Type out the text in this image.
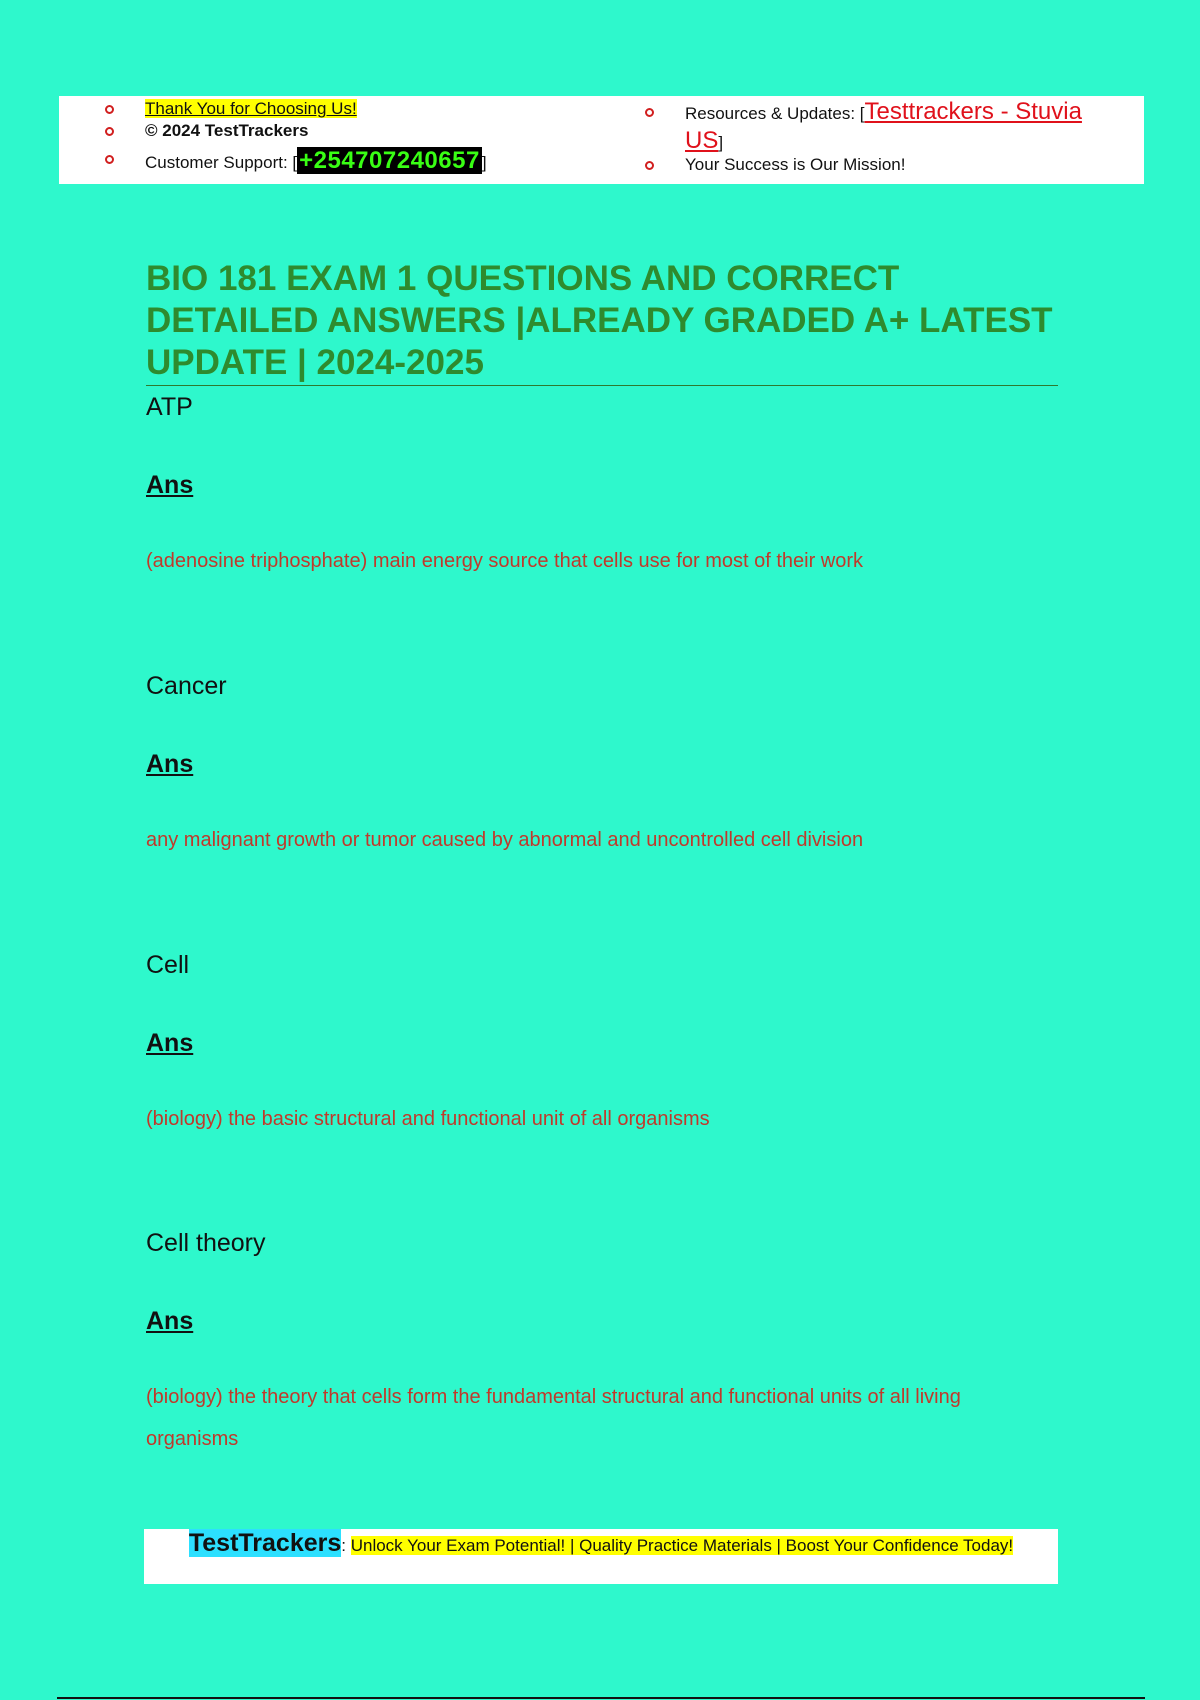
Thank You for Choosing Us!
© 2024 TestTrackers
Customer Support: [+254707240657 ]
Resources & Updates: [Testtrackers - Stuvia US]
Your Success is Our Mission!
BIO 181 EXAM 1 QUESTIONS AND CORRECT DETAILED ANSWERS |ALREADY GRADED A+ LATEST UPDATE | 2024-2025
ATP
Ans
(adenosine triphosphate) main energy source that cells use for most of their work
Cancer
Ans
any malignant growth or tumor caused by abnormal and uncontrolled cell division
Cell
Ans
(biology) the basic structural and functional unit of all organisms
Cell theory
Ans
(biology) the theory that cells form the fundamental structural and functional units of all living organisms
TestTrackers: Unlock Your Exam Potential! | Quality Practice Materials | Boost Your Confidence Today!
